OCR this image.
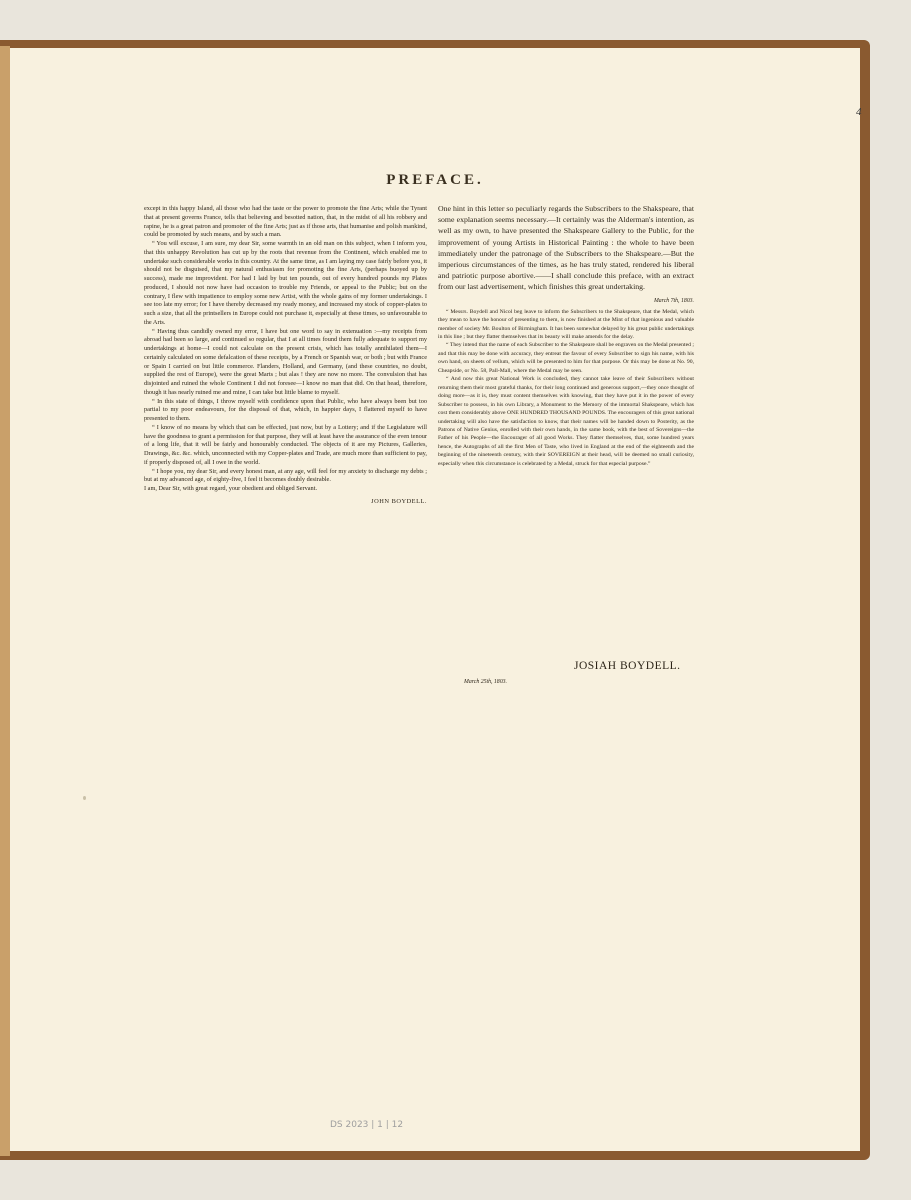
4
PREFACE.

except in this happy Island, all those who had the taste or the power to promote the fine Arts; while the Tyrant that at present governs France, tells that believing and besotted nation, that, in the midst of all his robbery and rapine, he is a great patron and promoter of the fine Arts; just as if those arts, that humanise and polish mankind, could be promoted by such means, and by such a man.

“ You will excuse, I am sure, my dear Sir, some warmth in an old man on this subject, when I inform you, that this unhappy Revolution has cut up by the roots that revenue from the Continent, which enabled me to undertake such considerable works in this country. At the same time, as I am laying my case fairly before you, it should not be disguised, that my natural enthusiasm for promoting the fine Arts, (perhaps buoyed up by success), made me improvident. For had I laid by but ten pounds, out of every hundred pounds my Plates produced, I should not now have had occasion to trouble my Friends, or appeal to the Public; but on the contrary, I flew with impatience to employ some new Artist, with the whole gains of my former undertakings. I see too late my error; for I have thereby decreased my ready money, and increased my stock of copper-plates to such a size, that all the printsellers in Europe could not purchase it, especially at these times, so unfavourable to the Arts.

“ Having thus candidly owned my error, I have but one word to say in extenuation :—my receipts from abroad had been so large, and continued so regular, that I at all times found them fully adequate to support my undertakings at home—I could not calculate on the present crisis, which has totally annihilated them—I certainly calculated on some defalcation of these receipts, by a French or Spanish war, or both ; but with France or Spain I carried on but little commerce. Flanders, Holland, and Germany, (and these countries, no doubt, supplied the rest of Europe), were the great Marts ; but alas ! they are now no more. The convulsion that has disjointed and ruined the whole Continent I did not foresee—I know no man that did. On that head, therefore, though it has nearly ruined me and mine, I can take but little blame to myself.

“ In this state of things, I throw myself with confidence upon that Public, who have always been but too partial to my poor endeavours, for the disposal of that, which, in happier days, I flattered myself to have presented to them.

“ I know of no means by which that can be effected, just now, but by a Lottery; and if the Legislature will have the goodness to grant a permission for that purpose, they will at least have the assurance of the even tenour of a long life, that it will be fairly and honourably conducted. The objects of it are my Pictures, Galleries, Drawings, &c. &c. which, unconnected with my Copper-plates and Trade, are much more than sufficient to pay, if properly disposed of, all I owe in the world.

“ I hope you, my dear Sir, and every honest man, at any age, will feel for my anxiety to discharge my debts ; but at my advanced age, of eighty-five, I feel it becomes doubly desirable.

I am, Dear Sir, with great regard, your obedient and obliged Servant.

JOHN BOYDELL.

One hint in this letter so peculiarly regards the Subscribers to the Shakspeare, that some explanation seems necessary.—It certainly was the Alderman's intention, as well as my own, to have presented the Shakspeare Gallery to the Public, for the improvement of young Artists in Historical Painting : the whole to have been immediately under the patronage of the Subscribers to the Shakspeare.—But the imperious circumstances of the times, as he has truly stated, rendered his liberal and patriotic purpose abortive.——I shall conclude this preface, with an extract from our last advertisement, which finishes this great undertaking.

March 7th, 1803.

“ Messrs. Boydell and Nicol beg leave to inform the Subscribers to the Shakspeare, that the Medal, which they mean to have the honour of presenting to them, is now finished at the Mint of that ingenious and valuable member of society Mr. Boulton of Birmingham. It has been somewhat delayed by his great public undertakings in this line ; but they flatter themselves that its beauty will make amends for the delay.

“ They intend that the name of each Subscriber to the Shakspeare shall be engraven on the Medal presented ; and that this may be done with accuracy, they entreat the favour of every Subscriber to sign his name, with his own hand, on sheets of vellum, which will be presented to him for that purpose. Or this may be done at No. 90, Cheapside, or No. 58, Pall-Mall, where the Medal may be seen.

“ And now this great National Work is concluded, they cannot take leave of their Subscribers without returning them their most grateful thanks, for their long continued and generous support,—they once thought of doing more—as it is, they must content themselves with knowing, that they have put it in the power of every Subscriber to possess, in his own Library, a Monument to the Memory of the immortal Shakspeare, which has cost them considerably above ONE HUNDRED THOUSAND POUNDS. The encouragers of this great national undertaking will also have the satisfaction to know, that their names will be handed down to Posterity, as the Patrons of Native Genius, enrolled with their own hands, in the same book, with the best of Sovereigns—the Father of his People—the Encourager of all good Works. They flatter themselves, that, some hundred years hence, the Autographs of all the first Men of Taste, who lived in England at the end of the eighteenth and the beginning of the nineteenth century, with their SOVEREIGN at their head, will be deemed no small curiosity, especially when this circumstance is celebrated by a Medal, struck for that especial purpose.”

JOSIAH BOYDELL.
March 25th, 1803.
DS 2023 | 1 | 12
